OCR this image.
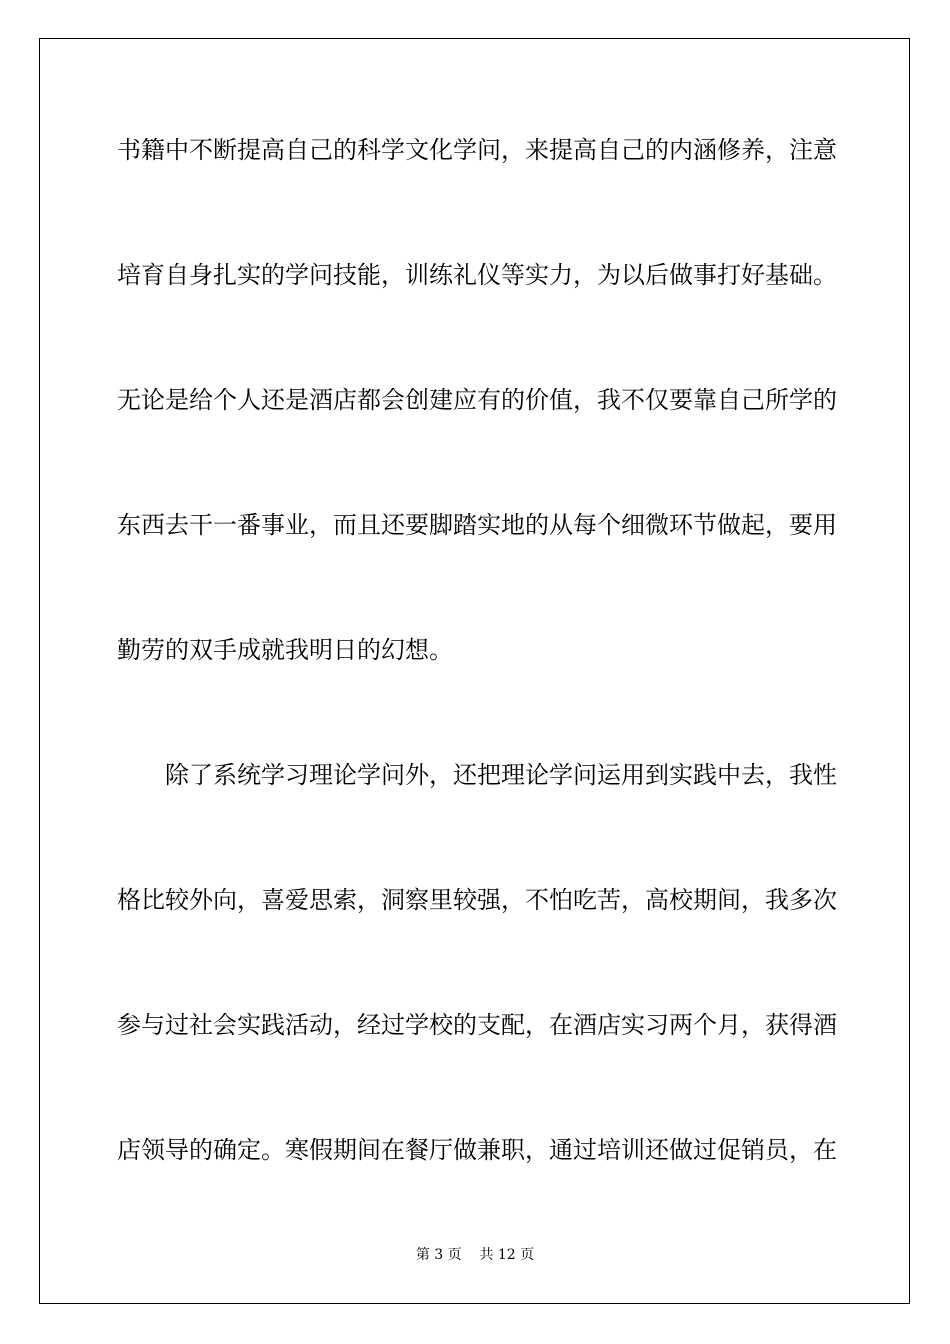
书 籍 中 不 断 提 高 自 己 的 科 学 文 化 学 问 ， 来 提 高 自 己 的 内 涵 修 养 ， 注 意
培 育 自 身 扎 实 的 学 问 技 能 ， 训 练 礼 仪 等 实 力 ， 为 以 后 做 事 打 好 基 础 。
无 论 是 给 个 人 还 是 酒 店 都 会 创 建 应 有 的 价 值 ， 我 不 仅 要 靠 自 己 所 学 的
东 西 去 干 一 番 事 业 ， 而 且 还 要 脚 踏 实 地 的 从 每 个 细 微 环 节 做 起 ， 要 用
勤劳的双手成就我明日的幻想。
除 了 系 统 学 习 理 论 学 问 外 ， 还 把 理 论 学 问 运 用 到 实 践 中 去 ， 我 性
格 比 较 外 向 ， 喜 爱 思 索 ， 洞 察 里 较 强 ， 不 怕 吃 苦 ， 高 校 期 间 ， 我 多 次
参 与 过 社 会 实 践 活 动 ， 经 过 学 校 的 支 配 ， 在 酒 店 实 习 两 个 月 ， 获 得 酒
店 领 导 的 确 定 。 寒 假 期 间 在 餐 厅 做 兼 职 ， 通 过 培 训 还 做 过 促 销 员 ， 在
第 3 页    共 12 页
